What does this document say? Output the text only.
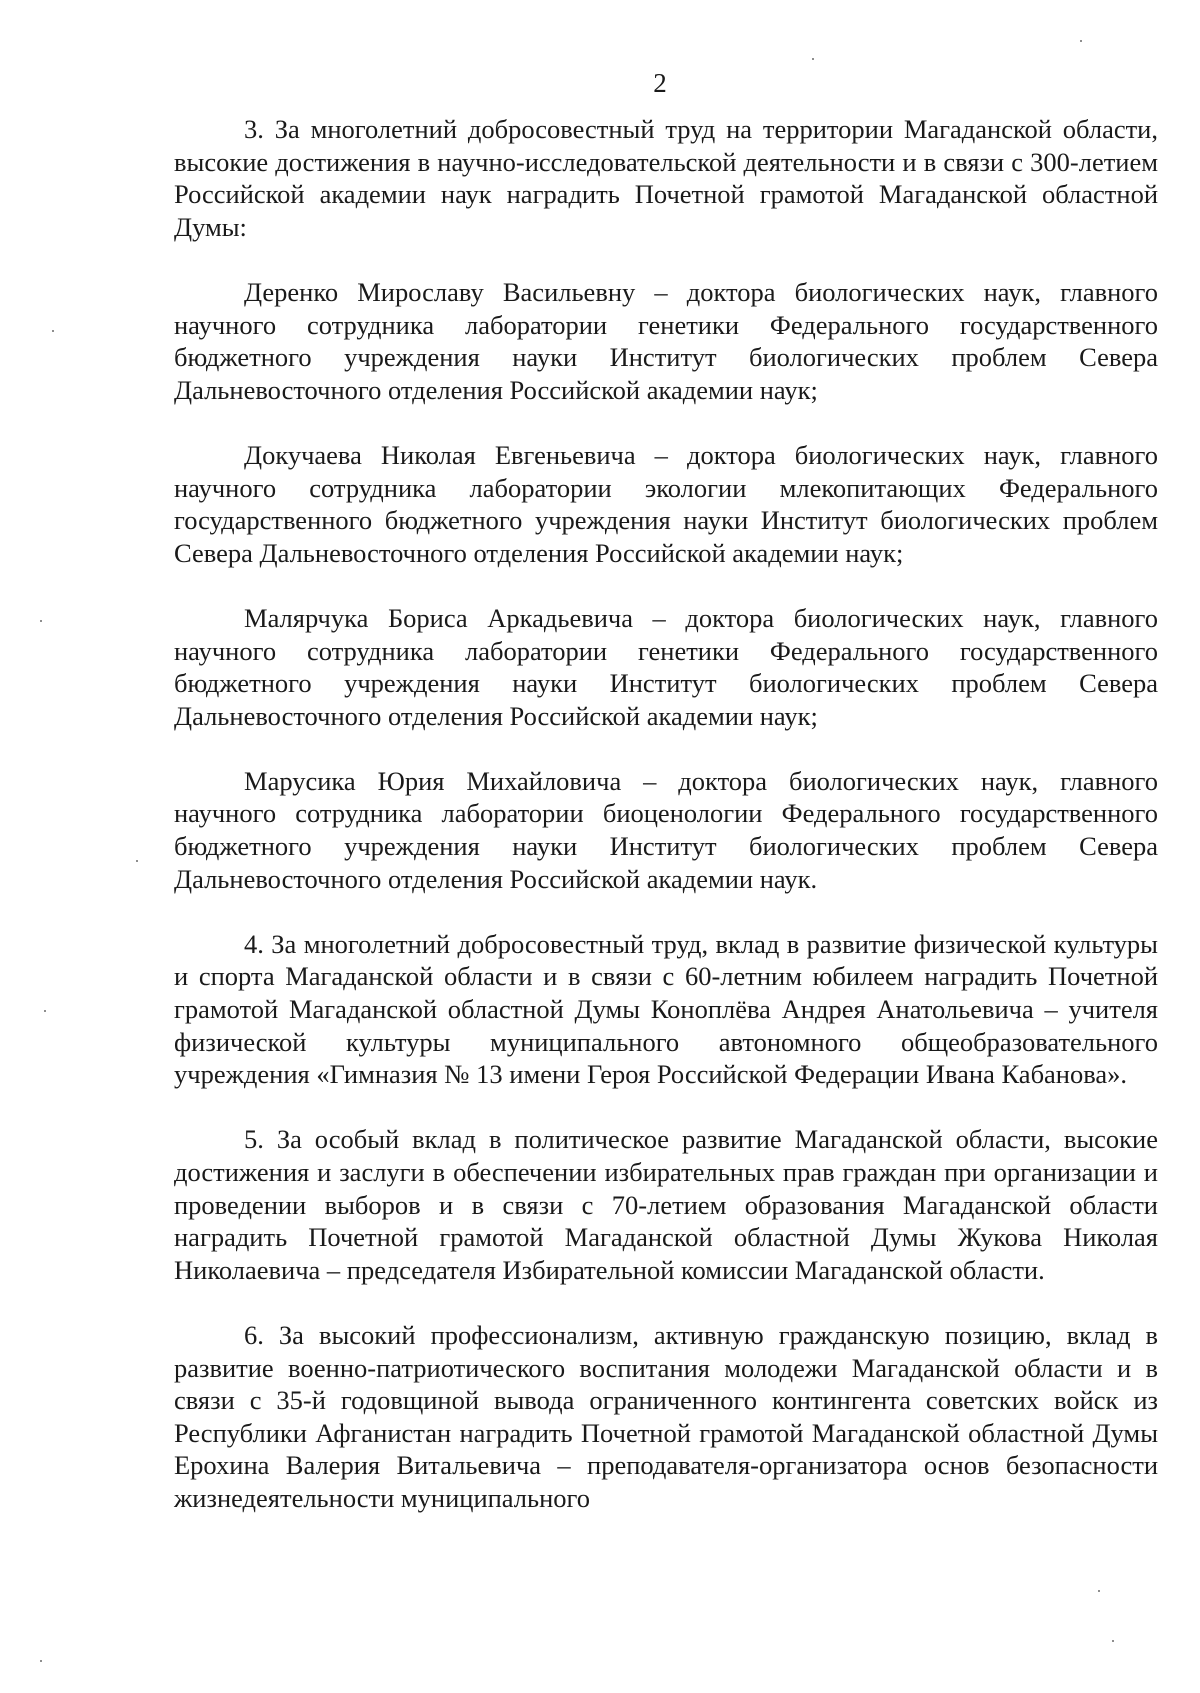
2

3. За многолетний добросовестный труд на территории Магаданской области, высокие достижения в научно-исследовательской деятельности и в связи с 300-летием Российской академии наук наградить Почетной грамотой Магаданской областной Думы:

Деренко Мирославу Васильевну – доктора биологических наук, главного научного сотрудника лаборатории генетики Федерального государственного бюджетного учреждения науки Институт биологических проблем Севера Дальневосточного отделения Российской академии наук;

Докучаева Николая Евгеньевича – доктора биологических наук, главного научного сотрудника лаборатории экологии млекопитающих Федерального государственного бюджетного учреждения науки Институт биологических проблем Севера Дальневосточного отделения Российской академии наук;

Малярчука Бориса Аркадьевича – доктора биологических наук, главного научного сотрудника лаборатории генетики Федерального государственного бюджетного учреждения науки Институт биологических проблем Севера Дальневосточного отделения Российской академии наук;

Марусика Юрия Михайловича – доктора биологических наук, главного научного сотрудника лаборатории биоценологии Федерального государственного бюджетного учреждения науки Институт биологических проблем Севера Дальневосточного отделения Российской академии наук.

4. За многолетний добросовестный труд, вклад в развитие физической культуры и спорта Магаданской области и в связи с 60-летним юбилеем наградить Почетной грамотой Магаданской областной Думы Коноплёва Андрея Анатольевича – учителя физической культуры муниципального автономного общеобразовательного учреждения «Гимназия № 13 имени Героя Российской Федерации Ивана Кабанова».

5. За особый вклад в политическое развитие Магаданской области, высокие достижения и заслуги в обеспечении избирательных прав граждан при организации и проведении выборов и в связи с 70-летием образования Магаданской области наградить Почетной грамотой Магаданской областной Думы Жукова Николая Николаевича – председателя Избирательной комиссии Магаданской области.

6. За высокий профессионализм, активную гражданскую позицию, вклад в развитие военно-патриотического воспитания молодежи Магаданской области и в связи с 35-й годовщиной вывода ограниченного контингента советских войск из Республики Афганистан наградить Почетной грамотой Магаданской областной Думы Ерохина Валерия Витальевича – преподавателя-организатора основ безопасности жизнедеятельности муниципального
